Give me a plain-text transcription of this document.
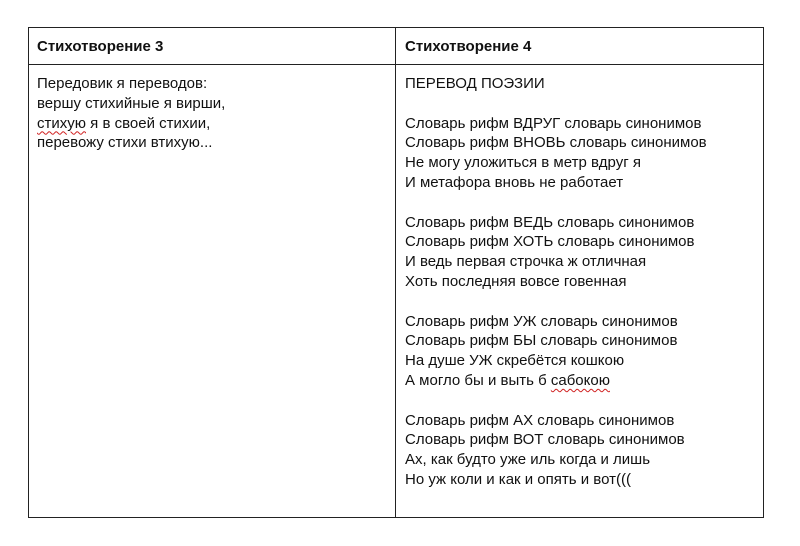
Стихотворение 3	Стихотворение 4
Передовик я переводов:
вершу стихийные я вирши,
стихую я в своей стихии,
перевожу стихи втихую...
ПЕРЕВОД ПОЭЗИИ
Словарь рифм ВДРУГ словарь синонимов
Словарь рифм ВНОВЬ словарь синонимов
Не могу уложиться в метр вдруг я
И метафора вновь не работает
Словарь рифм ВЕДЬ словарь синонимов
Словарь рифм ХОТЬ словарь синонимов
И ведь первая строчка ж отличная
Хоть последняя вовсе говенная
Словарь рифм УЖ словарь синонимов
Словарь рифм БЫ словарь синонимов
На душе УЖ скребётся кошкою
А могло бы и выть б сабокою
Словарь рифм АХ словарь синонимов
Словарь рифм ВОТ словарь синонимов
Ах, как будто уже иль когда и лишь
Но уж коли и как и опять и вот(((
